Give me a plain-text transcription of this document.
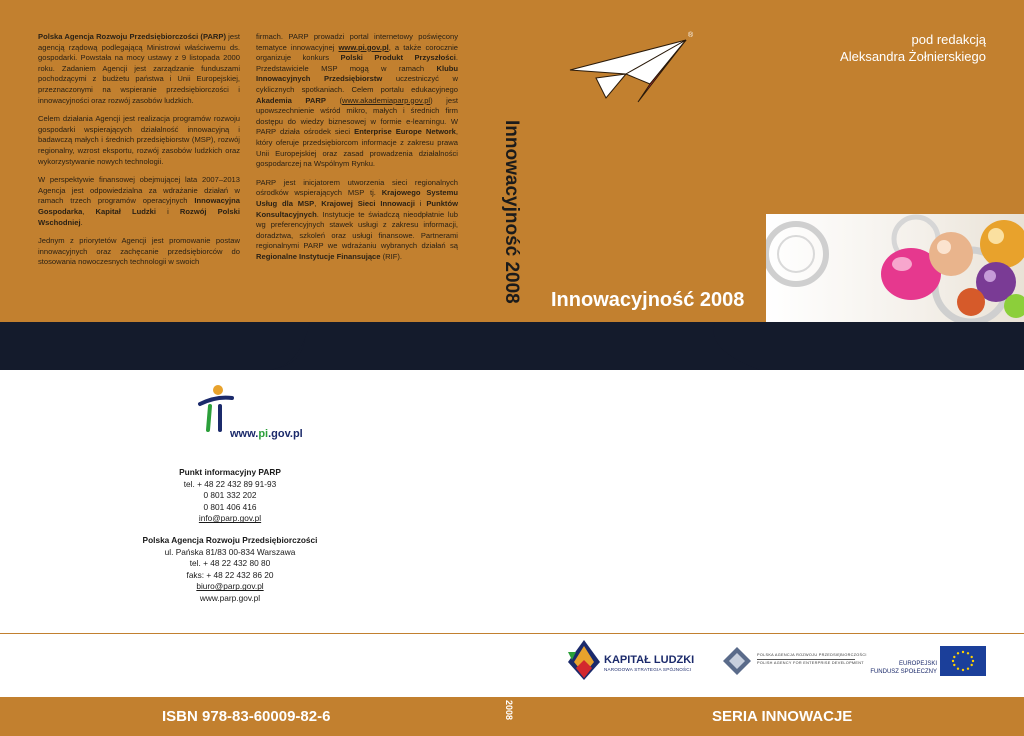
Polska Agencja Rozwoju Przedsiębiorczości (PARP) jest agencją rządową podlegającą Ministrowi właściwemu ds. gospodarki. Powstała na mocy ustawy z 9 listopada 2000 roku. Zadaniem Agencji jest zarządzanie funduszami pochodzącymi z budżetu państwa i Unii Europejskiej, przeznaczonymi na wspieranie przedsiębiorczości i innowacyjności oraz rozwój zasobów ludzkich.

Celem działania Agencji jest realizacja programów rozwoju gospodarki wspierających działalność innowacyjną i badawczą małych i średnich przedsiębiorstw (MSP), rozwój regionalny, wzrost eksportu, rozwój zasobów ludzkich oraz wykorzystywanie nowych technologii.

W perspektywie finansowej obejmującej lata 2007–2013 Agencja jest odpowiedzialna za wdrażanie działań w ramach trzech programów operacyjnych Innowacyjna Gospodarka, Kapitał Ludzki i Rozwój Polski Wschodniej.

Jednym z priorytetów Agencji jest promowanie postaw innowacyjnych oraz zachęcanie przedsiębiorców do stosowania nowoczesnych technologii w swoich

firmach. PARP prowadzi portal internetowy poświęcony tematyce innowacyjnej www.pi.gov.pl, a także corocznie organizuje konkurs Polski Produkt Przyszłości. Przedstawiciele MSP mogą w ramach Klubu Innowacyjnych Przedsiębiorstw uczestniczyć w cyklicznych spotkaniach. Celem portalu edukacyjnego Akademia PARP (www.akademiaparp.gov.pl) jest upowszechnienie wśród mikro, małych i średnich firm dostępu do wiedzy biznesowej w formie e-learningu. W PARP działa ośrodek sieci Enterprise Europe Network, który oferuje przedsiębiorcom informacje z zakresu prawa Unii Europejskiej oraz zasad prowadzenia działalności gospodarczej na Wspólnym Rynku.

PARP jest inicjatorem utworzenia sieci regionalnych ośrodków wspierających MSP tj. Krajowego Systemu Usług dla MSP, Krajowej Sieci Innowacji i Punktów Konsultacyjnych. Instytucje te świadczą nieodpłatnie lub wg preferencyjnych stawek usługi z zakresu informacji, doradztwa, szkoleń oraz usługi finansowe. Partnerami regionalnymi PARP we wdrażaniu wybranych działań są Regionalne Instytucje Finansujące (RIF).	Innowacyjność 2008
®	pod redakcją
Aleksandra Żołnierskiego
Innowacyjność 2008
www.pi.gov.pl
Punkt informacyjny PARP
tel. + 48 22 432 89 91-93
0 801 332 202
0 801 406 416
info@parp.gov.pl
Polska Agencja Rozwoju Przedsiębiorczości
ul. Pańska 81/83 00-834 Warszawa
tel. + 48 22 432 80 80
faks: + 48 22 432 86 20
biuro@parp.gov.pl
www.parp.gov.pl
KAPITAŁ LUDZKI
NARODOWA STRATEGIA SPÓJNOŚCI
POLSKA AGENCJA ROZWOJU PRZEDSIĘBIORCZOŚCI
POLISH AGENCY FOR ENTERPRISE DEVELOPMENT	EUROPEJSKI
FUNDUSZ SPOŁECZNY
ISBN 978-83-60009-82-6	2008	SERIA INNOWACJE
